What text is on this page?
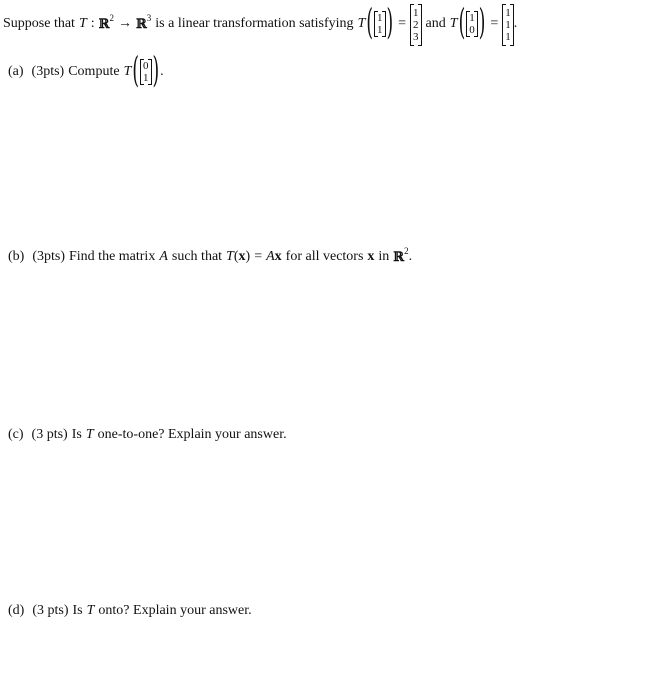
Suppose that T : ℝ 2 → ℝ 3 is a linear transformation satisfying T ( 1
1 ) =
1
2
3
and T ( 1
0 ) =
1
1
1
.
(a) (3pts) Compute T ( 0
1 ) .
(b) (3pts) Find the matrix A such that T ( x ) = A x for all vectors x in ℝ 2 .
(c) (3 pts) Is T one-to-one? Explain your answer.
(d) (3 pts) Is T onto? Explain your answer.
